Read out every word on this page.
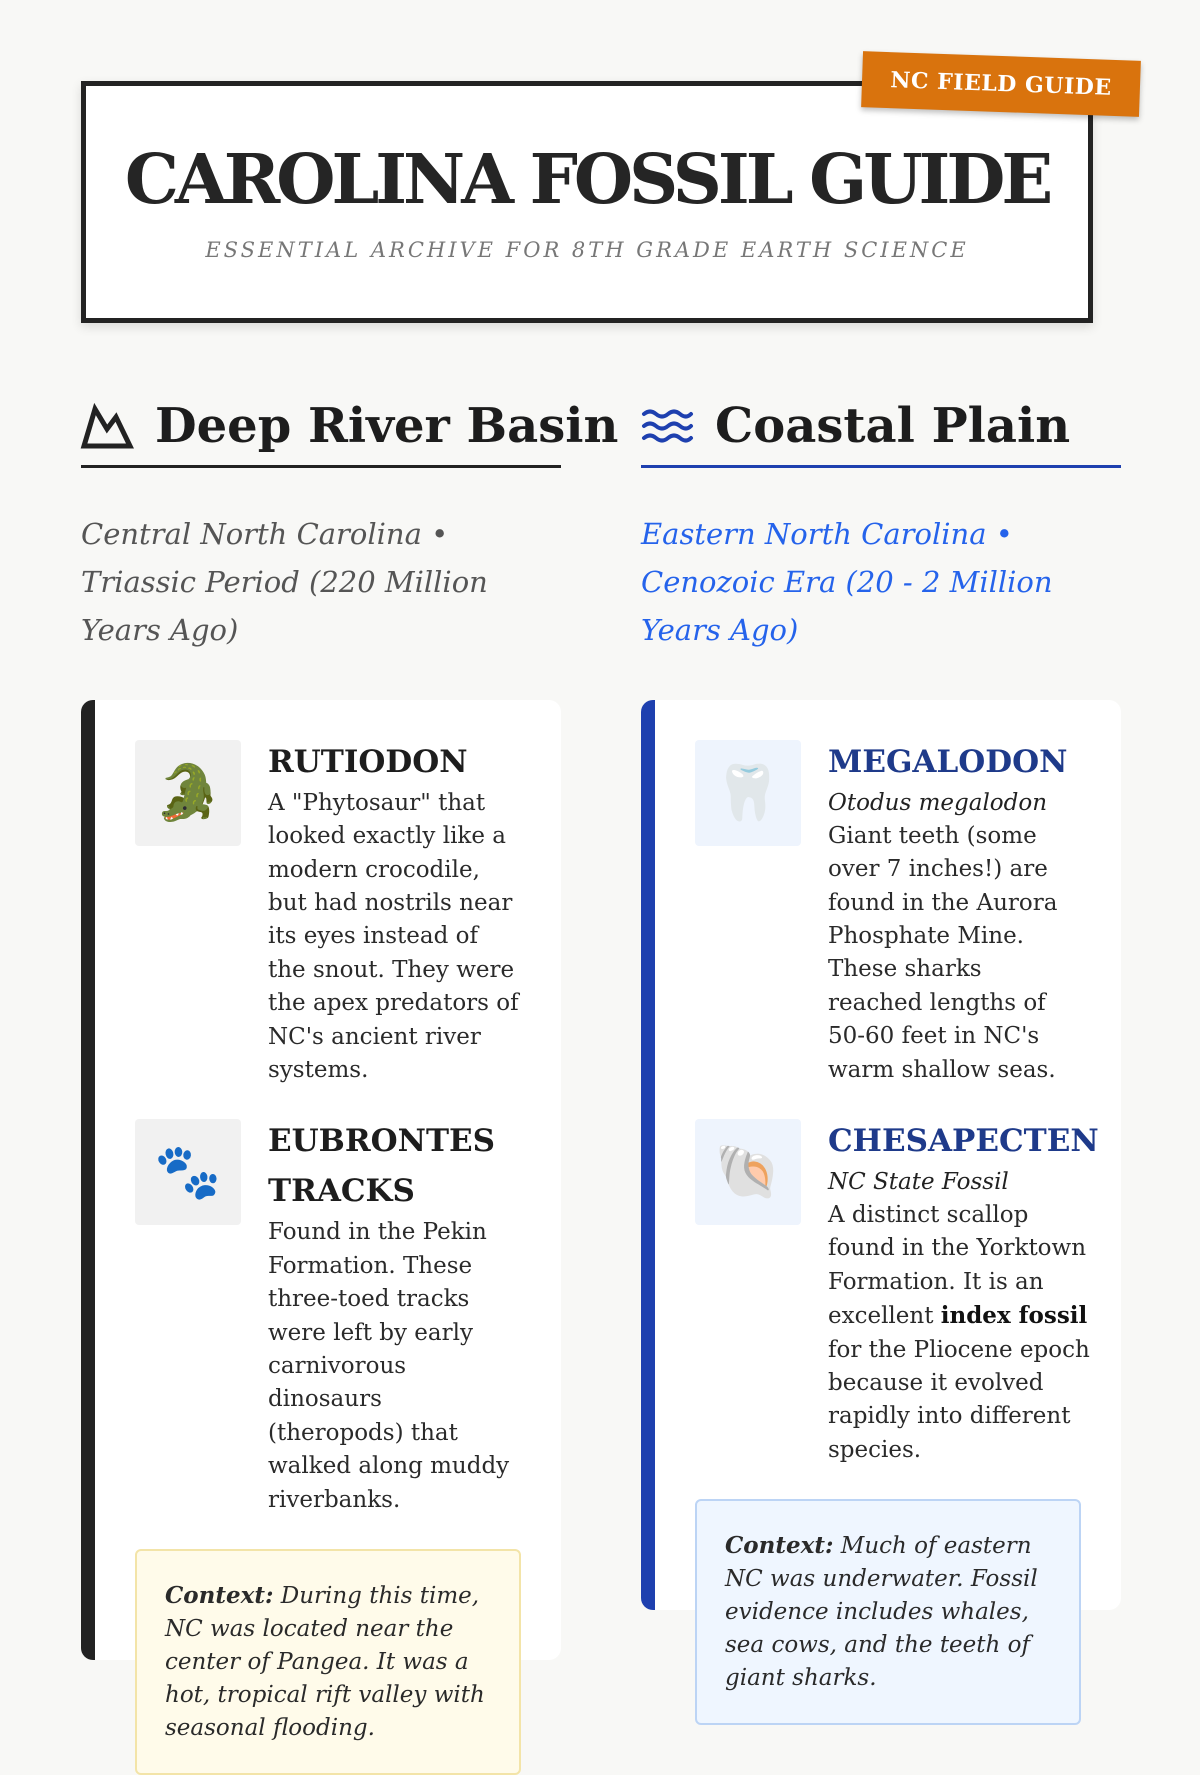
CAROLINA FOSSIL GUIDE
ESSENTIAL ARCHIVE FOR 8TH GRADE EARTH SCIENCE
NC FIELD GUIDE
Deep River Basin
Central North Carolina • Triassic Period (220 Million Years Ago)
🐊	RUTIODON
A "Phytosaur" that looked exactly like a modern crocodile, but had nostrils near its eyes instead of the snout. They were the apex predators of NC's ancient river systems.
🐾	EUBRONTES TRACKS
Found in the Pekin Formation. These three-toed tracks were left by early carnivorous dinosaurs (theropods) that walked along muddy riverbanks.
Context: During this time, NC was located near the center of Pangea. It was a hot, tropical rift valley with seasonal flooding.
Coastal Plain
Eastern North Carolina • Cenozoic Era (20 - 2 Million Years Ago)
🦷	MEGALODON
Otodus megalodon
Giant teeth (some over 7 inches!) are found in the Aurora Phosphate Mine. These sharks reached lengths of 50-60 feet in NC's warm shallow seas.
🐚	CHESAPECTEN
NC State Fossil
A distinct scallop found in the Yorktown Formation. It is an excellent index fossil for the Pliocene epoch because it evolved rapidly into different species.
Context: Much of eastern NC was underwater. Fossil evidence includes whales, sea cows, and the teeth of giant sharks.
